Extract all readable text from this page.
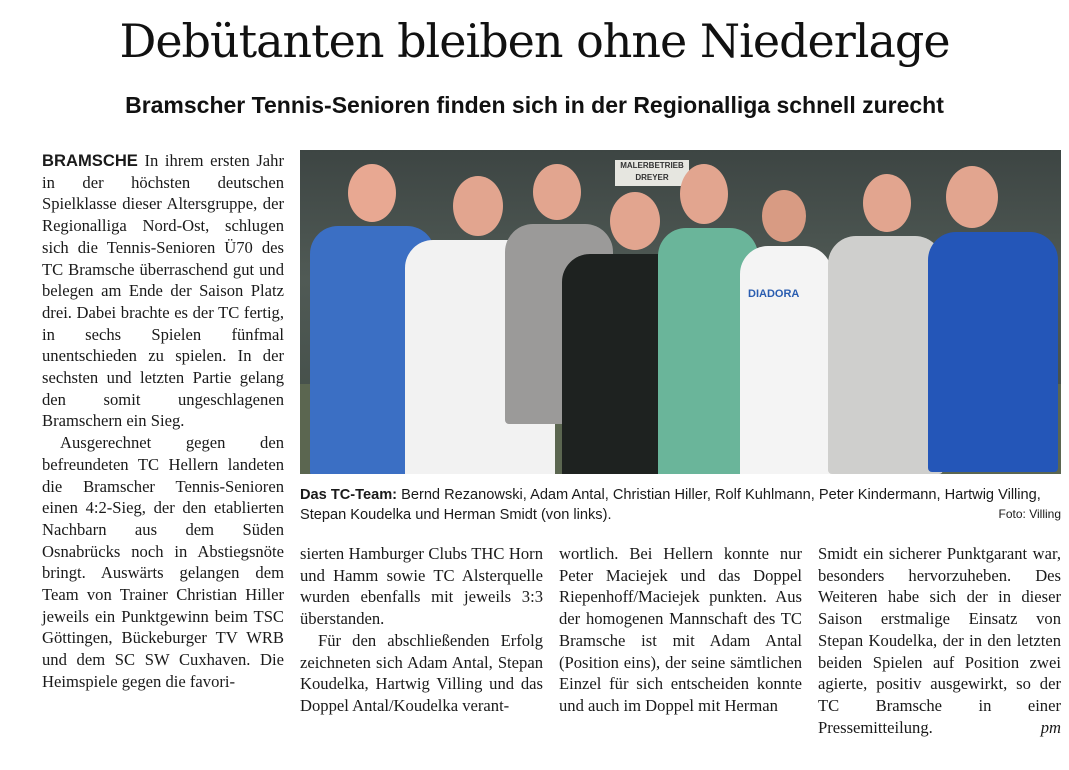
Debütanten bleiben ohne Niederlage
Bramscher Tennis-Senioren finden sich in der Regionalliga schnell zurecht

BRAMSCHE In ihrem ersten Jahr in der höchsten deutschen Spielklasse dieser Altersgruppe, der Regionalliga Nord-Ost, schlugen sich die Tennis-Senioren Ü70 des TC Bramsche überraschend gut und belegen am Ende der Saison Platz drei. Dabei brachte es der TC fertig, in sechs Spielen fünfmal unentschieden zu spielen. In der sechsten und letzten Partie gelang den somit ungeschlagenen Bramschern ein Sieg.

Ausgerechnet gegen den befreundeten TC Hellern landeten die Bramscher Tennis-Senioren einen 4:2-Sieg, der den etablierten Nachbarn aus dem Süden Osnabrücks noch in Abstiegsnöte bringt. Auswärts gelangen dem Team von Trainer Christian Hiller jeweils ein Punktgewinn beim TSC Göttingen, Bückeburger TV WRB und dem SC SW Cuxhaven. Die Heimspiele gegen die favori-

MALERBETRIEB DREYER
DIADORA
Das TC-Team: Bernd Rezanowski, Adam Antal, Christian Hiller, Rolf Kuhlmann, Peter Kindermann, Hartwig Villing, Stepan Koudelka und Herman Smidt (von links).	Foto: Villing

sierten Hamburger Clubs THC Horn und Hamm sowie TC Alsterquelle wurden ebenfalls mit jeweils 3:3 überstanden.

Für den abschließenden Erfolg zeichneten sich Adam Antal, Stepan Koudelka, Hartwig Villing und das Doppel Antal/Koudelka verant-

wortlich. Bei Hellern konnte nur Peter Maciejek und das Doppel Riepenhoff/Maciejek punkten. Aus der homogenen Mannschaft des TC Bramsche ist mit Adam Antal (Position eins), der seine sämtlichen Einzel für sich entscheiden konnte und auch im Doppel mit Herman

Smidt ein sicherer Punktgarant war, besonders hervorzuheben. Des Weiteren habe sich der in dieser Saison erstmalige Einsatz von Stepan Koudelka, der in den letzten beiden Spielen auf Position zwei agierte, positiv ausgewirkt, so der TC Bramsche in einer Pressemitteilung.	pm
